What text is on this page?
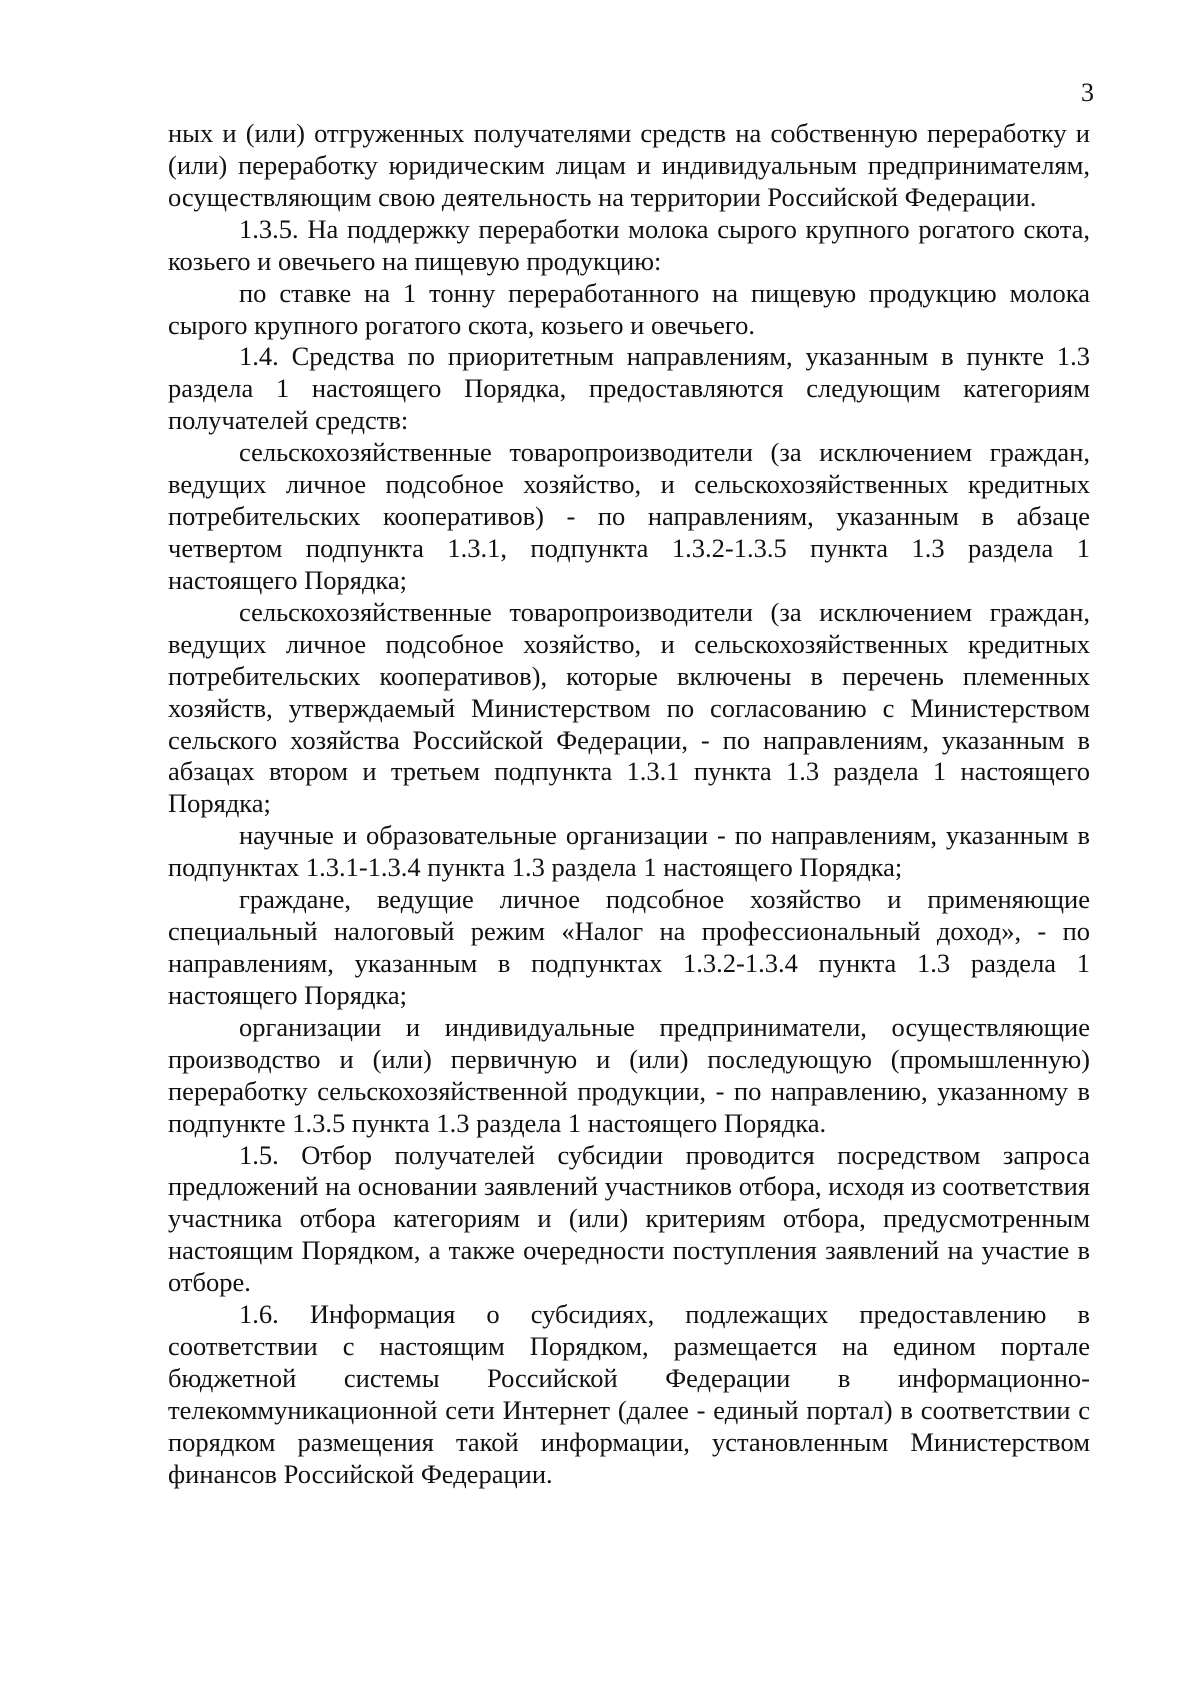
3

ных и (или) отгруженных получателями средств на собственную переработку и (или) переработку юридическим лицам и индивидуальным предпринимателям, осуществляющим свою деятельность на территории Российской Федерации.

1.3.5. На поддержку переработки молока сырого крупного рогатого скота, козьего и овечьего на пищевую продукцию:

по ставке на 1 тонну переработанного на пищевую продукцию молока сырого крупного рогатого скота, козьего и овечьего.

1.4. Средства по приоритетным направлениям, указанным в пункте 1.3 раздела 1 настоящего Порядка, предоставляются следующим категориям получателей средств:

сельскохозяйственные товаропроизводители (за исключением граждан, ведущих личное подсобное хозяйство, и сельскохозяйственных кредитных потребительских кооперативов) - по направлениям, указанным в абзаце четвертом подпункта 1.3.1, подпункта 1.3.2-1.3.5 пункта 1.3 раздела 1 настоящего Порядка;

сельскохозяйственные товаропроизводители (за исключением граждан, ведущих личное подсобное хозяйство, и сельскохозяйственных кредитных потребительских кооперативов), которые включены в перечень племенных хозяйств, утверждаемый Министерством по согласованию с Министерством сельского хозяйства Российской Федерации, - по направлениям, указанным в абзацах втором и третьем подпункта 1.3.1 пункта 1.3 раздела 1 настоящего Порядка;

научные и образовательные организации - по направлениям, указанным в подпунктах 1.3.1-1.3.4 пункта 1.3 раздела 1 настоящего Порядка;

граждане, ведущие личное подсобное хозяйство и применяющие специальный налоговый режим «Налог на профессиональный доход», - по направлениям, указанным в подпунктах 1.3.2-1.3.4 пункта 1.3 раздела 1 настоящего Порядка;

организации и индивидуальные предприниматели, осуществляющие производство и (или) первичную и (или) последующую (промышленную) переработку сельскохозяйственной продукции, - по направлению, указанному в подпункте 1.3.5 пункта 1.3 раздела 1 настоящего Порядка.

1.5. Отбор получателей субсидии проводится посредством запроса предложений на основании заявлений участников отбора, исходя из соответствия участника отбора категориям и (или) критериям отбора, предусмотренным настоящим Порядком, а также очередности поступления заявлений на участие в отборе.

1.6. Информация о субсидиях, подлежащих предоставлению в соответствии с настоящим Порядком, размещается на едином портале бюджетной системы Российской Федерации в информационно-телекоммуникационной сети Интернет (далее - единый портал) в соответствии с порядком размещения такой информации, установленным Министерством финансов Российской Федерации.
